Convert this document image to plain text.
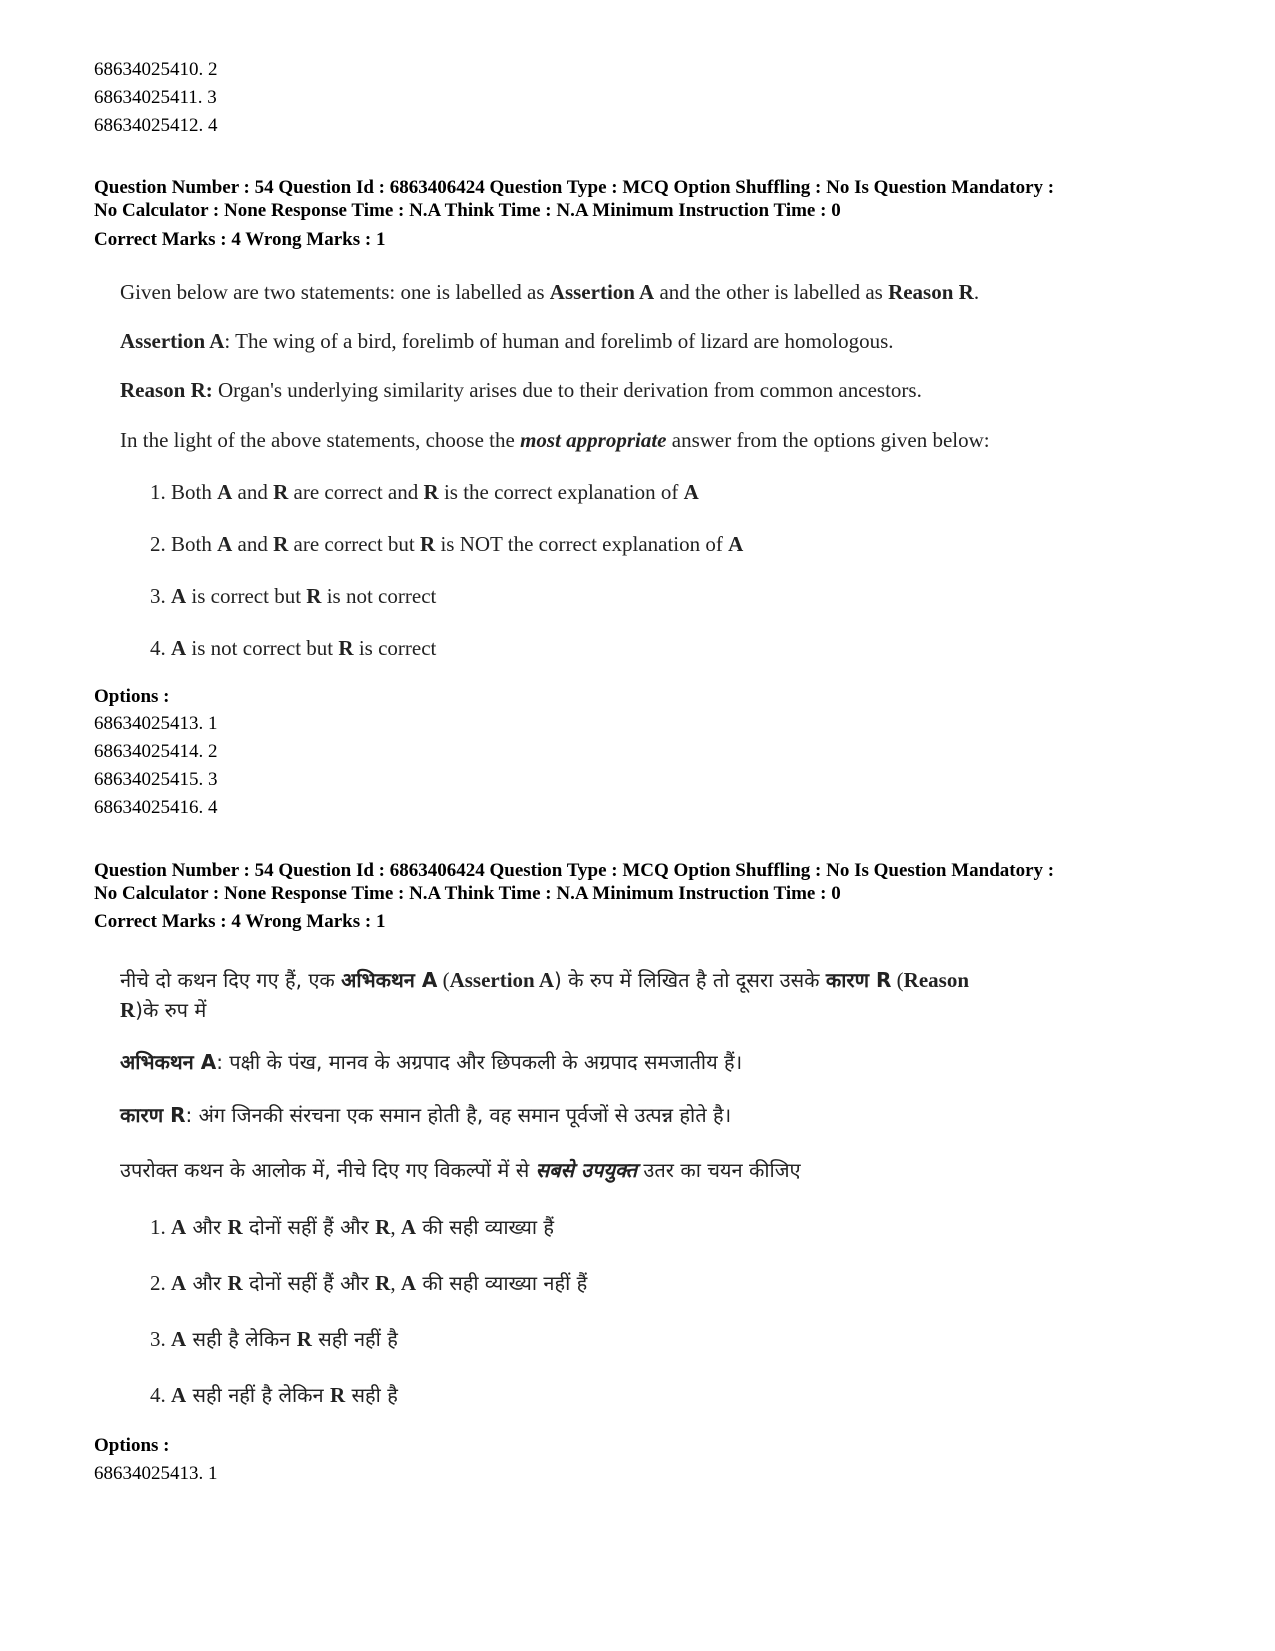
68634025410. 2
68634025411. 3
68634025412. 4
Question Number : 54 Question Id : 6863406424 Question Type : MCQ Option Shuffling : No Is Question Mandatory :
No Calculator : None Response Time : N.A Think Time : N.A Minimum Instruction Time : 0
Correct Marks : 4 Wrong Marks : 1
Given below are two statements: one is labelled as Assertion A and the other is labelled as Reason R.
Assertion A: The wing of a bird, forelimb of human and forelimb of lizard are homologous.
Reason R: Organ's underlying similarity arises due to their derivation from common ancestors.
In the light of the above statements, choose the most appropriate answer from the options given below:
1. Both A and R are correct and R is the correct explanation of A
2. Both A and R are correct but R is NOT the correct explanation of A
3. A is correct but R is not correct
4. A is not correct but R is correct
Options :
68634025413. 1
68634025414. 2
68634025415. 3
68634025416. 4
Question Number : 54 Question Id : 6863406424 Question Type : MCQ Option Shuffling : No Is Question Mandatory :
No Calculator : None Response Time : N.A Think Time : N.A Minimum Instruction Time : 0
Correct Marks : 4 Wrong Marks : 1
नीचे दो कथन दिए गए हैं, एक अभिकथन A (Assertion A) के रुप में लिखित है तो दूसरा उसके कारण R (Reason
R)के रुप में
अभिकथन A: पक्षी के पंख, मानव के अग्रपाद और छिपकली के अग्रपाद समजातीय हैं।
कारण R: अंग जिनकी संरचना एक समान होती है, वह समान पूर्वजों से उत्पन्न होते है।
उपरोक्त कथन के आलोक में, नीचे दिए गए विकल्पों में से सबसे उपयुक्त उतर का चयन कीजिए
1. A और R दोनों सहीं हैं और R, A की सही व्याख्या हैं
2. A और R दोनों सहीं हैं और R, A की सही व्याख्या नहीं हैं
3. A सही है लेकिन R सही नहीं है
4. A सही नहीं है लेकिन R सही है
Options :
68634025413. 1
